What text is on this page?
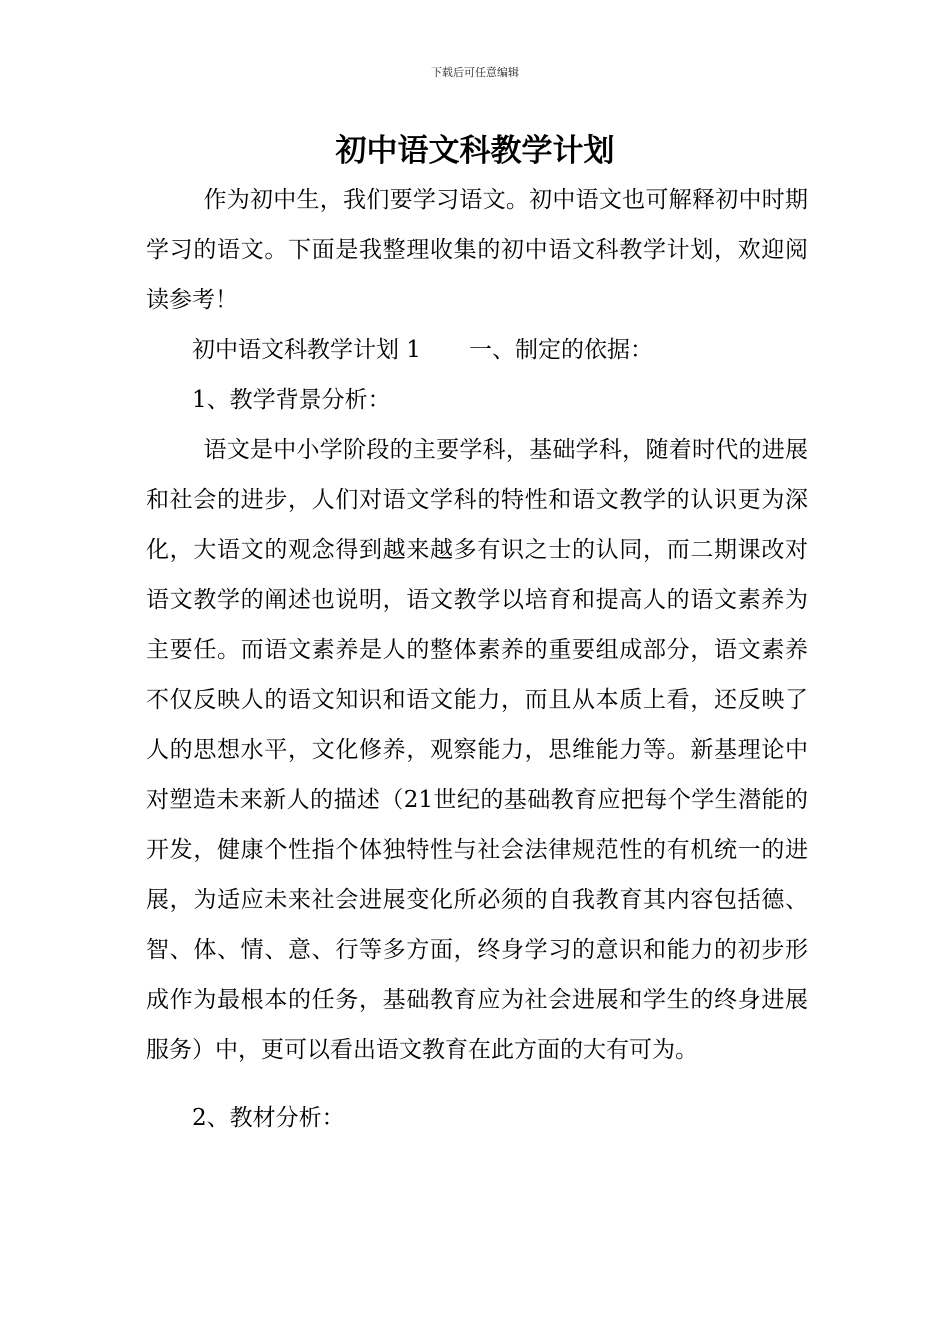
下载后可任意编辑
初中语文科教学计划

作为初中生，我们要学习语文。初中语文也可解释初中时期学习的语文。下面是我整理收集的初中语文科教学计划，欢迎阅读参考！

初中语文科教学计划 1 一、制定的依据：

1、教学背景分析：

语文是中小学阶段的主要学科，基础学科，随着时代的进展和社会的进步，人们对语文学科的特性和语文教学的认识更为深化，大语文的观念得到越来越多有识之士的认同，而二期课改对语文教学的阐述也说明，语文教学以培育和提高人的语文素养为主要任。而语文素养是人的整体素养的重要组成部分，语文素养不仅反映人的语文知识和语文能力，而且从本质上看，还反映了人的思想水平，文化修养，观察能力，思维能力等。新基理论中对塑造未来新人的描述（21世纪的基础教育应把每个学生潜能的开发，健康个性指个体独特性与社会法律规范性的有机统一的进展，为适应未来社会进展变化所必须的自我教育其内容包括德、智、体、情、意、行等多方面，终身学习的意识和能力的初步形成作为最根本的任务，基础教育应为社会进展和学生的终身进展服务）中，更可以看出语文教育在此方面的大有可为。

2、教材分析：
